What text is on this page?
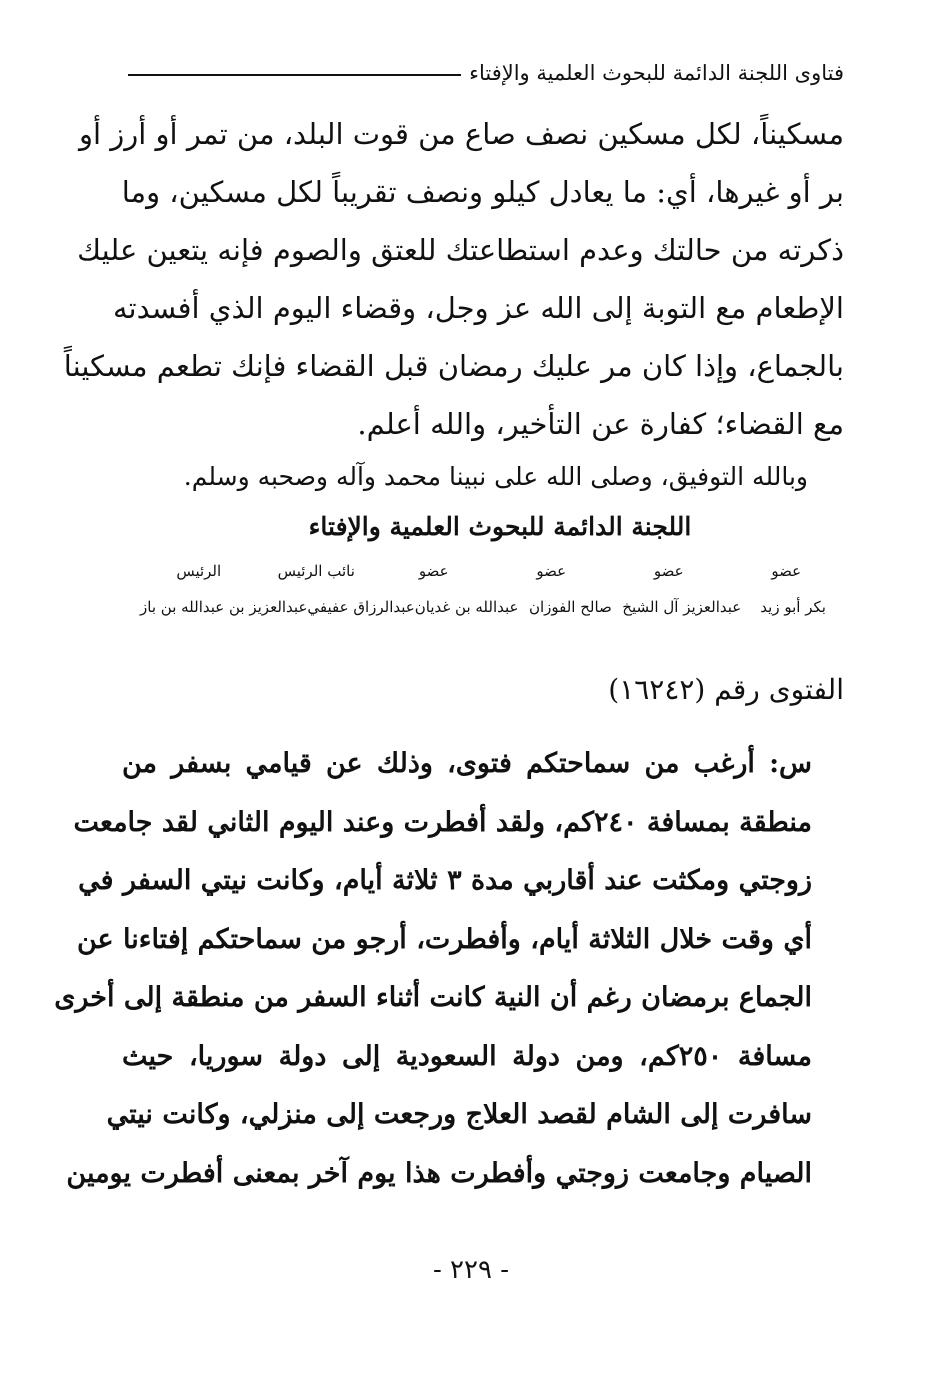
فتاوى اللجنة الدائمة للبحوث العلمية والإفتاء
مسكيناً، لكل مسكين نصف صاع من قوت البلد، من تمر أو أرز أو
بر أو غيرها، أي: ما يعادل كيلو ونصف تقريباً لكل مسكين، وما
ذكرته من حالتك وعدم استطاعتك للعتق والصوم فإنه يتعين عليك
الإطعام مع التوبة إلى الله عز وجل، وقضاء اليوم الذي أفسدته
بالجماع، وإذا كان مر عليك رمضان قبل القضاء فإنك تطعم مسكيناً
مع القضاء؛ كفارة عن التأخير، والله أعلم.
وبالله التوفيق، وصلى الله على نبينا محمد وآله وصحبه وسلم.
اللجنة الدائمة للبحوث العلمية والإفتاء
عضو
عضو
عضو
عضو
نائب الرئيس
الرئيس
بكر أبو زيد
عبدالعزيز آل الشيخ
صالح الفوزان
عبدالله بن غديان
عبدالرزاق عفيفي
عبدالعزيز بن عبدالله بن باز
الفتوى رقم (١٦٢٤٢)
س: أرغب من سماحتكم فتوى، وذلك عن قيامي بسفر من
منطقة بمسافة ٢٤٠كم، ولقد أفطرت وعند اليوم الثاني لقد جامعت
زوجتي ومكثت عند أقاربي مدة ٣ ثلاثة أيام، وكانت نيتي السفر في
أي وقت خلال الثلاثة أيام، وأفطرت، أرجو من سماحتكم إفتاءنا عن
الجماع برمضان رغم أن النية كانت أثناء السفر من منطقة إلى أخرى
مسافة ٢٥٠كم، ومن دولة السعودية إلى دولة سوريا، حيث
سافرت إلى الشام لقصد العلاج ورجعت إلى منزلي، وكانت نيتي
الصيام وجامعت زوجتي وأفطرت هذا يوم آخر بمعنى أفطرت يومين
- ٢٢٩ -
